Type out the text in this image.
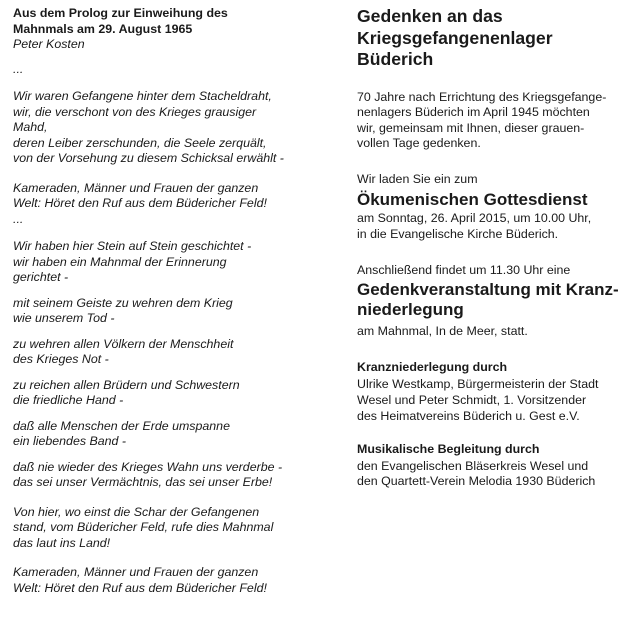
Aus dem Prolog zur Einweihung des
Mahnmals am 29. August 1965
Peter Kosten
...
Wir waren Gefangene hinter dem Stacheldraht,
wir, die verschont von des Krieges grausiger
Mahd,
deren Leiber zerschunden, die Seele zerquält,
von der Vorsehung zu diesem Schicksal erwählt -
Kameraden, Männer und Frauen der ganzen
Welt: Höret den Ruf aus dem Büdericher Feld!
...
Wir haben hier Stein auf Stein geschichtet -
wir haben ein Mahnmal der Erinnerung
gerichtet -
mit seinem Geiste zu wehren dem Krieg
wie unserem Tod -
zu wehren allen Völkern der Menschheit
des Krieges Not -
zu reichen allen Brüdern und Schwestern
die friedliche Hand -
daß alle Menschen der Erde umspanne
ein liebendes Band -
daß nie wieder des Krieges Wahn uns verderbe -
das sei unser Vermächtnis, das sei unser Erbe!
Von hier, wo einst die Schar der Gefangenen
stand, vom Büdericher Feld, rufe dies Mahnmal
das laut ins Land!
Kameraden, Männer und Frauen der ganzen
Welt: Höret den Ruf aus dem Büdericher Feld!
Gedenken an das
Kriegsgefangenenlager
Büderich
70 Jahre nach Errichtung des Kriegsgefange-
nenlagers Büderich im April 1945 möchten
wir, gemeinsam mit Ihnen, dieser grauen-
vollen Tage gedenken.
Wir laden Sie ein zum
Ökumenischen Gottesdienst
am Sonntag, 26. April 2015, um 10.00 Uhr,
in die Evangelische Kirche Büderich.
Anschließend findet um 11.30 Uhr eine
Gedenkveranstaltung mit Kranz-
niederlegung
am Mahnmal, In de Meer, statt.
Kranzniederlegung durch
Ulrike Westkamp, Bürgermeisterin der Stadt
Wesel und Peter Schmidt, 1. Vorsitzender
des Heimatvereins Büderich u. Gest e.V.
Musikalische Begleitung durch
den Evangelischen Bläserkreis Wesel und
den Quartett-Verein Melodia 1930 Büderich
